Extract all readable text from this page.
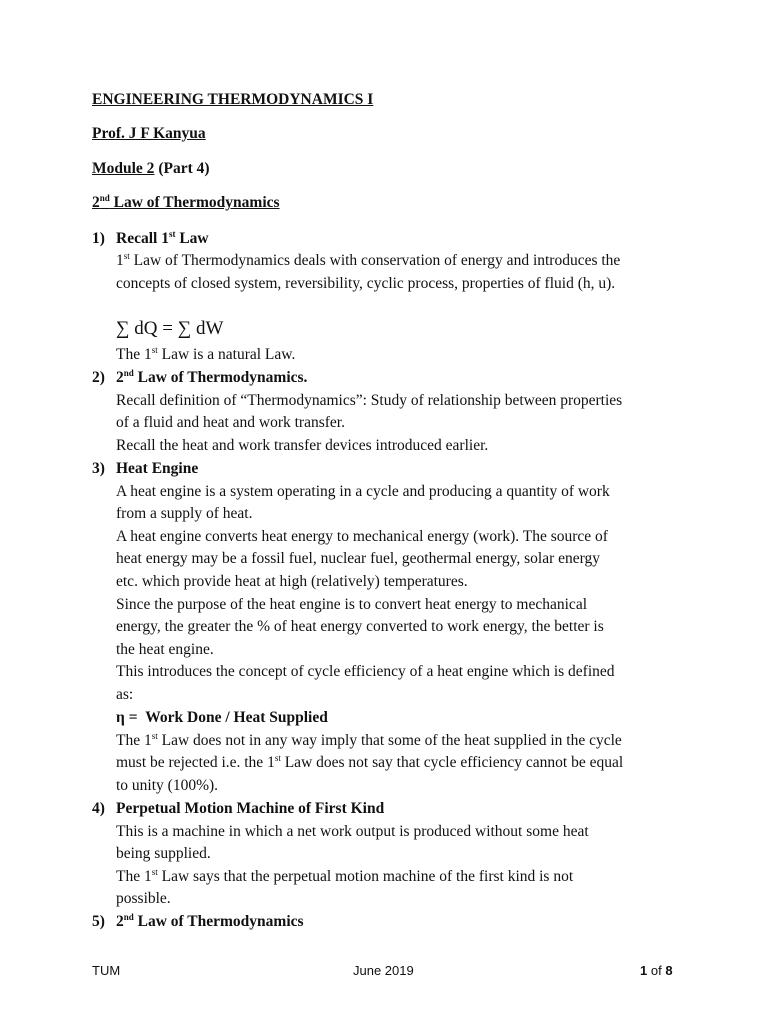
ENGINEERING THERMODYNAMICS I
Prof. J F Kanyua
Module 2 (Part 4)
2nd Law of Thermodynamics
1) Recall 1st Law
1st Law of Thermodynamics deals with conservation of energy and introduces the
concepts of closed system, reversibility, cyclic process, properties of fluid (h, u).
∑ dQ = ∑ dW
The 1st Law is a natural Law.
2) 2nd Law of Thermodynamics.
Recall definition of “Thermodynamics”: Study of relationship between properties
of a fluid and heat and work transfer.
Recall the heat and work transfer devices introduced earlier.
3) Heat Engine
A heat engine is a system operating in a cycle and producing a quantity of work
from a supply of heat.
A heat engine converts heat energy to mechanical energy (work). The source of
heat energy may be a fossil fuel, nuclear fuel, geothermal energy, solar energy
etc. which provide heat at high (relatively) temperatures.
Since the purpose of the heat engine is to convert heat energy to mechanical
energy, the greater the % of heat energy converted to work energy, the better is
the heat engine.
This introduces the concept of cycle efficiency of a heat engine which is defined
as:
η =  Work Done / Heat Supplied
The 1st Law does not in any way imply that some of the heat supplied in the cycle
must be rejected i.e. the 1st Law does not say that cycle efficiency cannot be equal
to unity (100%).
4) Perpetual Motion Machine of First Kind
This is a machine in which a net work output is produced without some heat
being supplied.
The 1st Law says that the perpetual motion machine of the first kind is not
possible.
5) 2nd Law of Thermodynamics
TUM	June 2019	1 of 8
